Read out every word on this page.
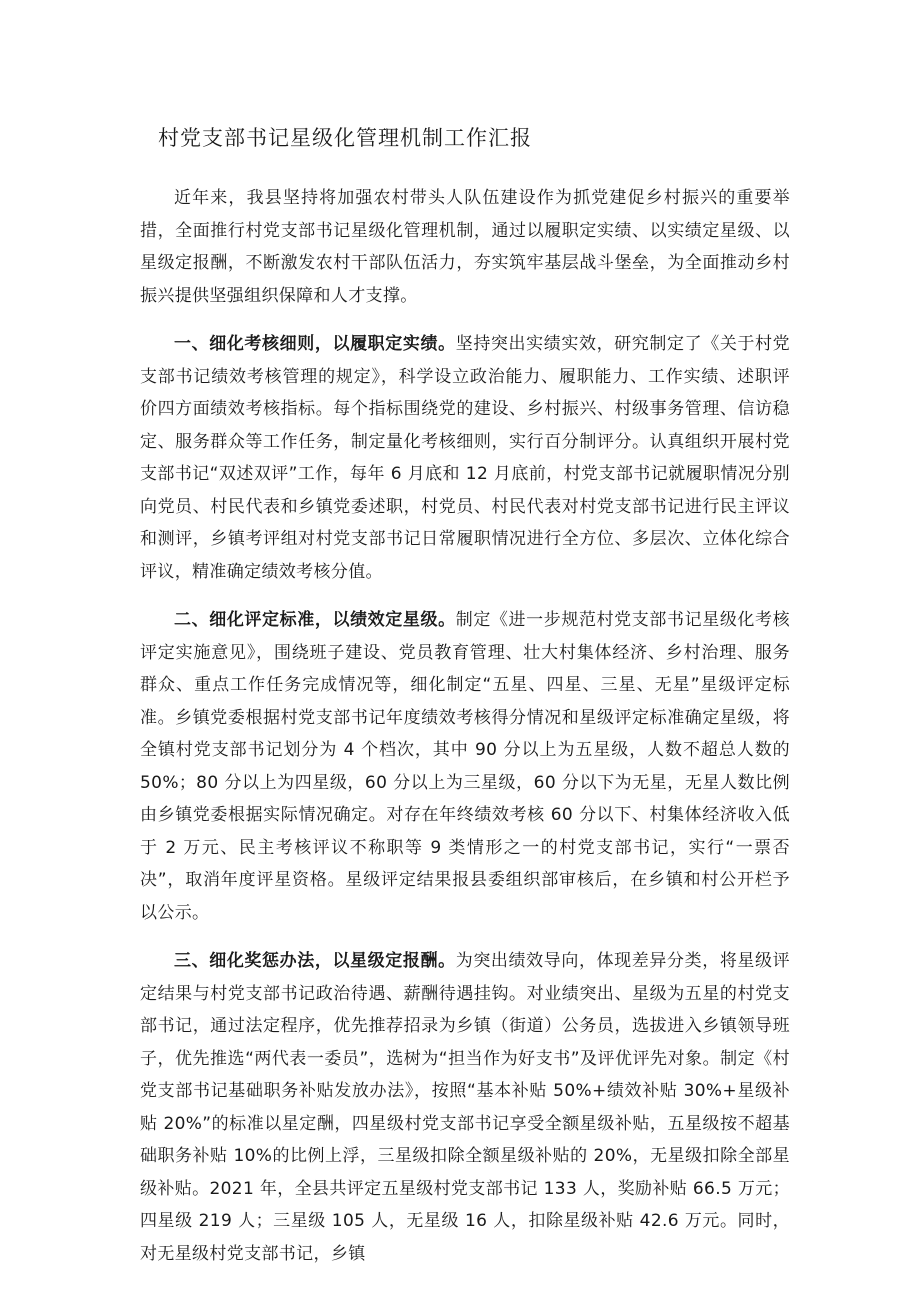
村党支部书记星级化管理机制工作汇报

近年来，我县坚持将加强农村带头人队伍建设作为抓党建促乡村振兴的重要举措，全面推行村党支部书记星级化管理机制，通过以履职定实绩、以实绩定星级、以星级定报酬，不断激发农村干部队伍活力，夯实筑牢基层战斗堡垒，为全面推动乡村振兴提供坚强组织保障和人才支撑。

一、细化考核细则，以履职定实绩。坚持突出实绩实效，研究制定了《关于村党支部书记绩效考核管理的规定》，科学设立政治能力、履职能力、工作实绩、述职评价四方面绩效考核指标。每个指标围绕党的建设、乡村振兴、村级事务管理、信访稳定、服务群众等工作任务，制定量化考核细则，实行百分制评分。认真组织开展村党支部书记“双述双评”工作，每年 6 月底和 12 月底前，村党支部书记就履职情况分别向党员、村民代表和乡镇党委述职，村党员、村民代表对村党支部书记进行民主评议和测评，乡镇考评组对村党支部书记日常履职情况进行全方位、多层次、立体化综合评议，精准确定绩效考核分值。

二、细化评定标准，以绩效定星级。制定《进一步规范村党支部书记星级化考核评定实施意见》，围绕班子建设、党员教育管理、壮大村集体经济、乡村治理、服务群众、重点工作任务完成情况等，细化制定“五星、四星、三星、无星”星级评定标准。乡镇党委根据村党支部书记年度绩效考核得分情况和星级评定标准确定星级，将全镇村党支部书记划分为 4 个档次，其中 90 分以上为五星级，人数不超总人数的 50%；80 分以上为四星级，60 分以上为三星级，60 分以下为无星，无星人数比例由乡镇党委根据实际情况确定。对存在年终绩效考核 60 分以下、村集体经济收入低于 2 万元、民主考核评议不称职等 9 类情形之一的村党支部书记，实行“一票否决”，取消年度评星资格。星级评定结果报县委组织部审核后，在乡镇和村公开栏予以公示。

三、细化奖惩办法，以星级定报酬。为突出绩效导向，体现差异分类，将星级评定结果与村党支部书记政治待遇、薪酬待遇挂钩。对业绩突出、星级为五星的村党支部书记，通过法定程序，优先推荐招录为乡镇（街道）公务员，选拔进入乡镇领导班子，优先推选“两代表一委员”，选树为“担当作为好支书”及评优评先对象。制定《村党支部书记基础职务补贴发放办法》，按照“基本补贴 50%+绩效补贴 30%+星级补贴 20%”的标准以星定酬，四星级村党支部书记享受全额星级补贴，五星级按不超基础职务补贴 10%的比例上浮，三星级扣除全额星级补贴的 20%，无星级扣除全部星级补贴。2021 年，全县共评定五星级村党支部书记 133 人，奖励补贴 66.5 万元；四星级 219 人；三星级 105 人，无星级 16 人，扣除星级补贴 42.6 万元。同时，对无星级村党支部书记，乡镇
